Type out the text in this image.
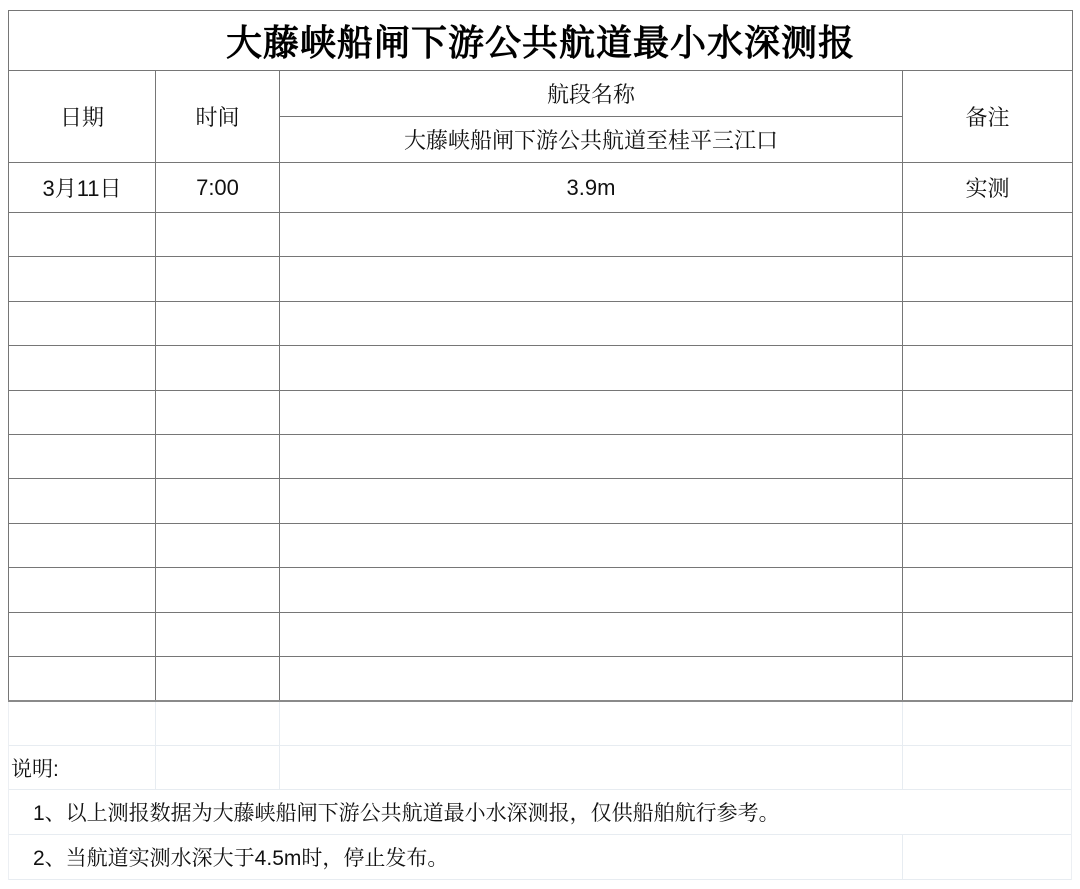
大藤峡船闸下游公共航道最小水深测报			
日期	时间	航段名称	备注
		大藤峡船闸下游公共航道至桂平三江口	
3月11日	7:00	3.9m	实测

说明:
1、以上测报数据为大藤峡船闸下游公共航道最小水深测报，仅供船舶航行参考。
2、当航道实测水深大于4.5m时，停止发布。
